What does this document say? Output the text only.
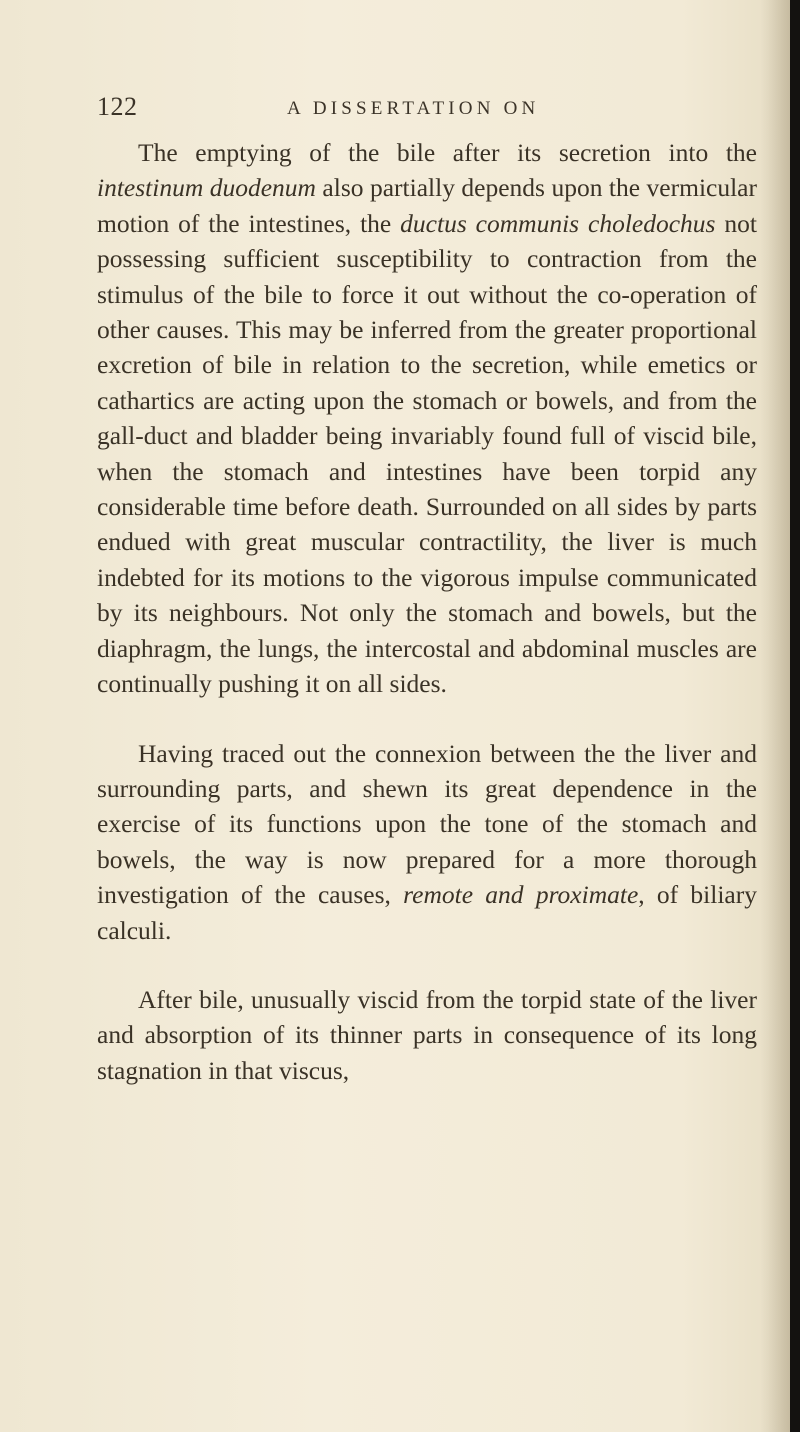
122	A DISSERTATION ON

The emptying of the bile after its secretion into the intestinum duodenum also partially depends upon the vermicular motion of the intestines, the ductus communis choledochus not possessing sufficient susceptibility to contraction from the stimulus of the bile to force it out without the co-operation of other causes. This may be inferred from the greater proportional excretion of bile in relation to the secretion, while emetics or cathartics are acting upon the stomach or bowels, and from the gall-duct and bladder being invariably found full of viscid bile, when the stomach and intestines have been torpid any considerable time before death. Surrounded on all sides by parts endued with great muscular contractility, the liver is much indebted for its motions to the vigorous impulse communicated by its neighbours. Not only the stomach and bowels, but the diaphragm, the lungs, the intercostal and abdominal muscles are continually pushing it on all sides.

Having traced out the connexion between the the liver and surrounding parts, and shewn its great dependence in the exercise of its functions upon the tone of the stomach and bowels, the way is now prepared for a more thorough investigation of the causes, remote and proximate, of biliary calculi.

After bile, unusually viscid from the torpid state of the liver and absorption of its thinner parts in consequence of its long stagnation in that viscus,
